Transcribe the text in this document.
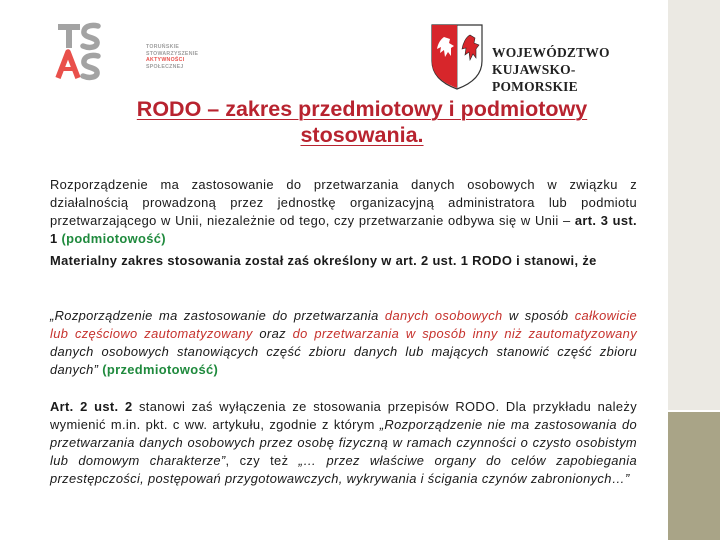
TORUŃSKIE
STOWARZYSZENIE
AKTYWNOŚCI
SPOŁECZNEJ
WOJEWÓDZTWO
KUJAWSKO-POMORSKIE
RODO – zakres przedmiotowy i podmiotowy
stosowania.

Rozporządzenie ma zastosowanie do przetwarzania danych osobowych w związku z działalnością prowadzoną przez jednostkę organizacyjną administratora lub podmiotu przetwarzającego w Unii, niezależnie od tego, czy przetwarzanie odbywa się w Unii – art. 3 ust. 1 (podmiotowość)

Materialny zakres stosowania został zaś określony w art. 2 ust. 1 RODO i stanowi, że

„Rozporządzenie ma zastosowanie do przetwarzania danych osobowych w sposób całkowicie lub częściowo zautomatyzowany oraz do przetwarzania w sposób inny niż zautomatyzowany danych osobowych stanowiących część zbioru danych lub mających stanowić część zbioru danych” (przedmiotowość)

Art. 2 ust. 2 stanowi zaś wyłączenia ze stosowania przepisów RODO. Dla przykładu należy wymienić m.in. pkt. c ww. artykułu, zgodnie z którym „Rozporządzenie nie ma zastosowania do przetwarzania danych osobowych przez osobę fizyczną w ramach czynności o czysto osobistym lub domowym charakterze”, czy też „… przez właściwe organy do celów zapobiegania przestępczości, postępowań przygotowawczych, wykrywania i ścigania czynów zabronionych…”
